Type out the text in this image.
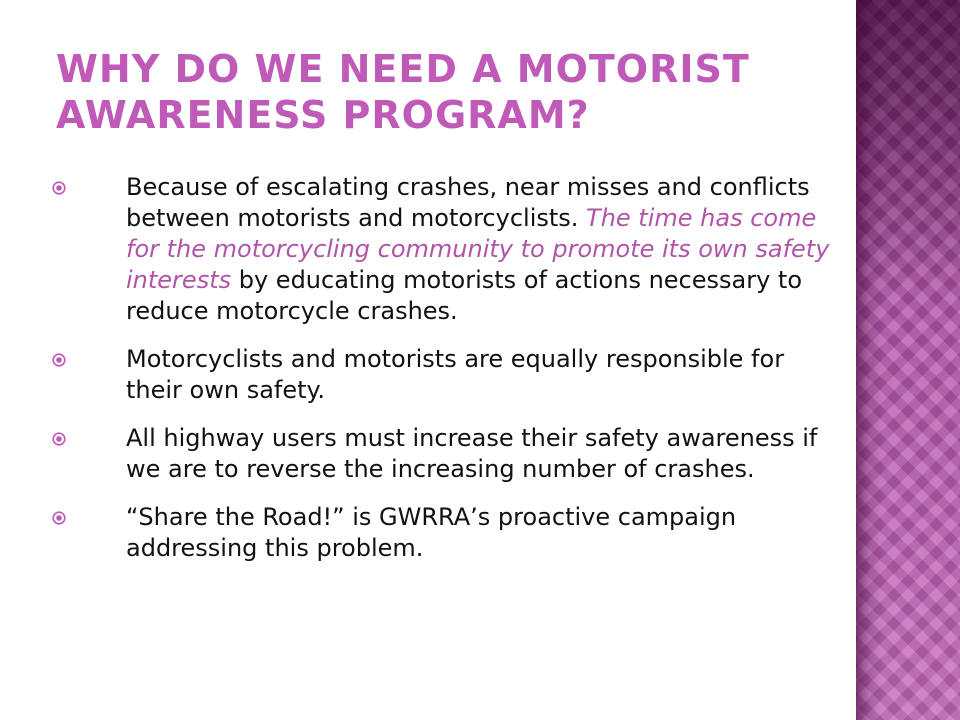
WHY DO WE NEED A MOTORIST AWARENESS PROGRAM?
Because of escalating crashes, near misses and conflicts between motorists and motorcyclists. The time has come for the motorcycling community to promote its own safety interests by educating motorists of actions necessary to reduce motorcycle crashes.
Motorcyclists and motorists are equally responsible for their own safety.
All highway users must increase their safety awareness if we are to reverse the increasing number of crashes.
“Share the Road!” is GWRRA’s proactive campaign addressing this problem.
